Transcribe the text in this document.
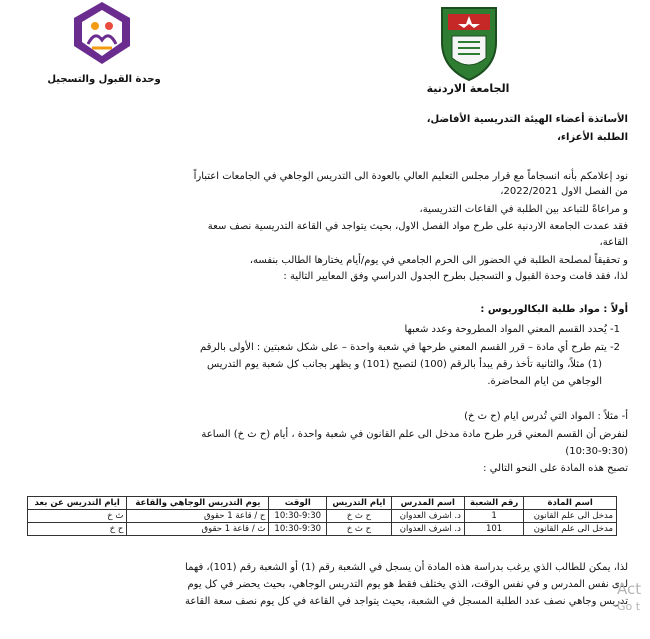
الجامعة الاردنية
وحدة القبول والتسجيل
الأساتذة أعضاء الهيئة التدريسية الأفاضل،
الطلبة الأعزاء،
نود إعلامكم بأنه انسجاماً مع قرار مجلس التعليم العالي بالعودة الى التدريس الوجاهي في الجامعات اعتباراً
من الفصل الاول 2022/2021،
و مراعاةً للتباعد بين الطلبة في القاعات التدريسية،
فقد عمدت الجامعة الاردنية على طرح مواد الفصل الاول، بحيث يتواجد في القاعة التدريسية نصف سعة
القاعة،
و تحقيقاً لمصلحة الطلبة في الحضور الى الحرم الجامعي في يوم/أيام يختارها الطالب بنفسه،
لذا، فقد قامت وحدة القبول و التسجيل بطرح الجدول الدراسي وفق المعايير التالية :
أولاً : مواد طلبة البكالوريوس :
1- يُحدد القسم المعني المواد المطروحة وعدد شعبها
2- يتم طرح أي مادة – قرر القسم المعني طرحها في شعبة واحدة – على شكل شعبتين : الأولى بالرقم
(1) مثلاً، والثانية تأخذ رقم يبدأ بالرقم (100) لتصبح (101) و يظهر بجانب كل شعبة يوم التدريس
الوجاهي من ايام المحاضرة.
أ- مثلاً : المواد التي تُدرس ايام (ح ث خ)
لنفرض أن القسم المعني قرر طرح مادة مدخل الى علم القانون في شعبة واحدة ، أيام (ح ث خ) الساعة
(10:30-9:30)
تصبح هذه المادة على النحو التالي :
اسم المادة	رقم الشعبة	اسم المدرس	ايام التدريس	الوقت	يوم التدريس الوجاهي والقاعة	ايام التدريس عن بعد
مدخل الى علم القانون	1	د. اشرف العدوان	ح ث خ	10:30-9:30	ح / قاعة 1 حقوق	ث خ
مدخل الى علم القانون	101	د. اشرف العدوان	ح ث خ	10:30-9:30	ث / قاعة 1 حقوق	ح خ
لذا، يمكن للطالب الذي يرغب بدراسة هذه المادة أن يسجل في الشعبة رقم (1) أو الشعبة رقم (101)، فهما
لدى نفس المدرس و في نفس الوقت، الذي يختلف فقط هو يوم التدريس الوجاهي، بحيث يحضر في كل يوم
تدريس وجاهي نصف عدد الطلبة المسجل في الشعبة، بحيث يتواجد في القاعة في كل يوم نصف سعة القاعة
Act
Go t
